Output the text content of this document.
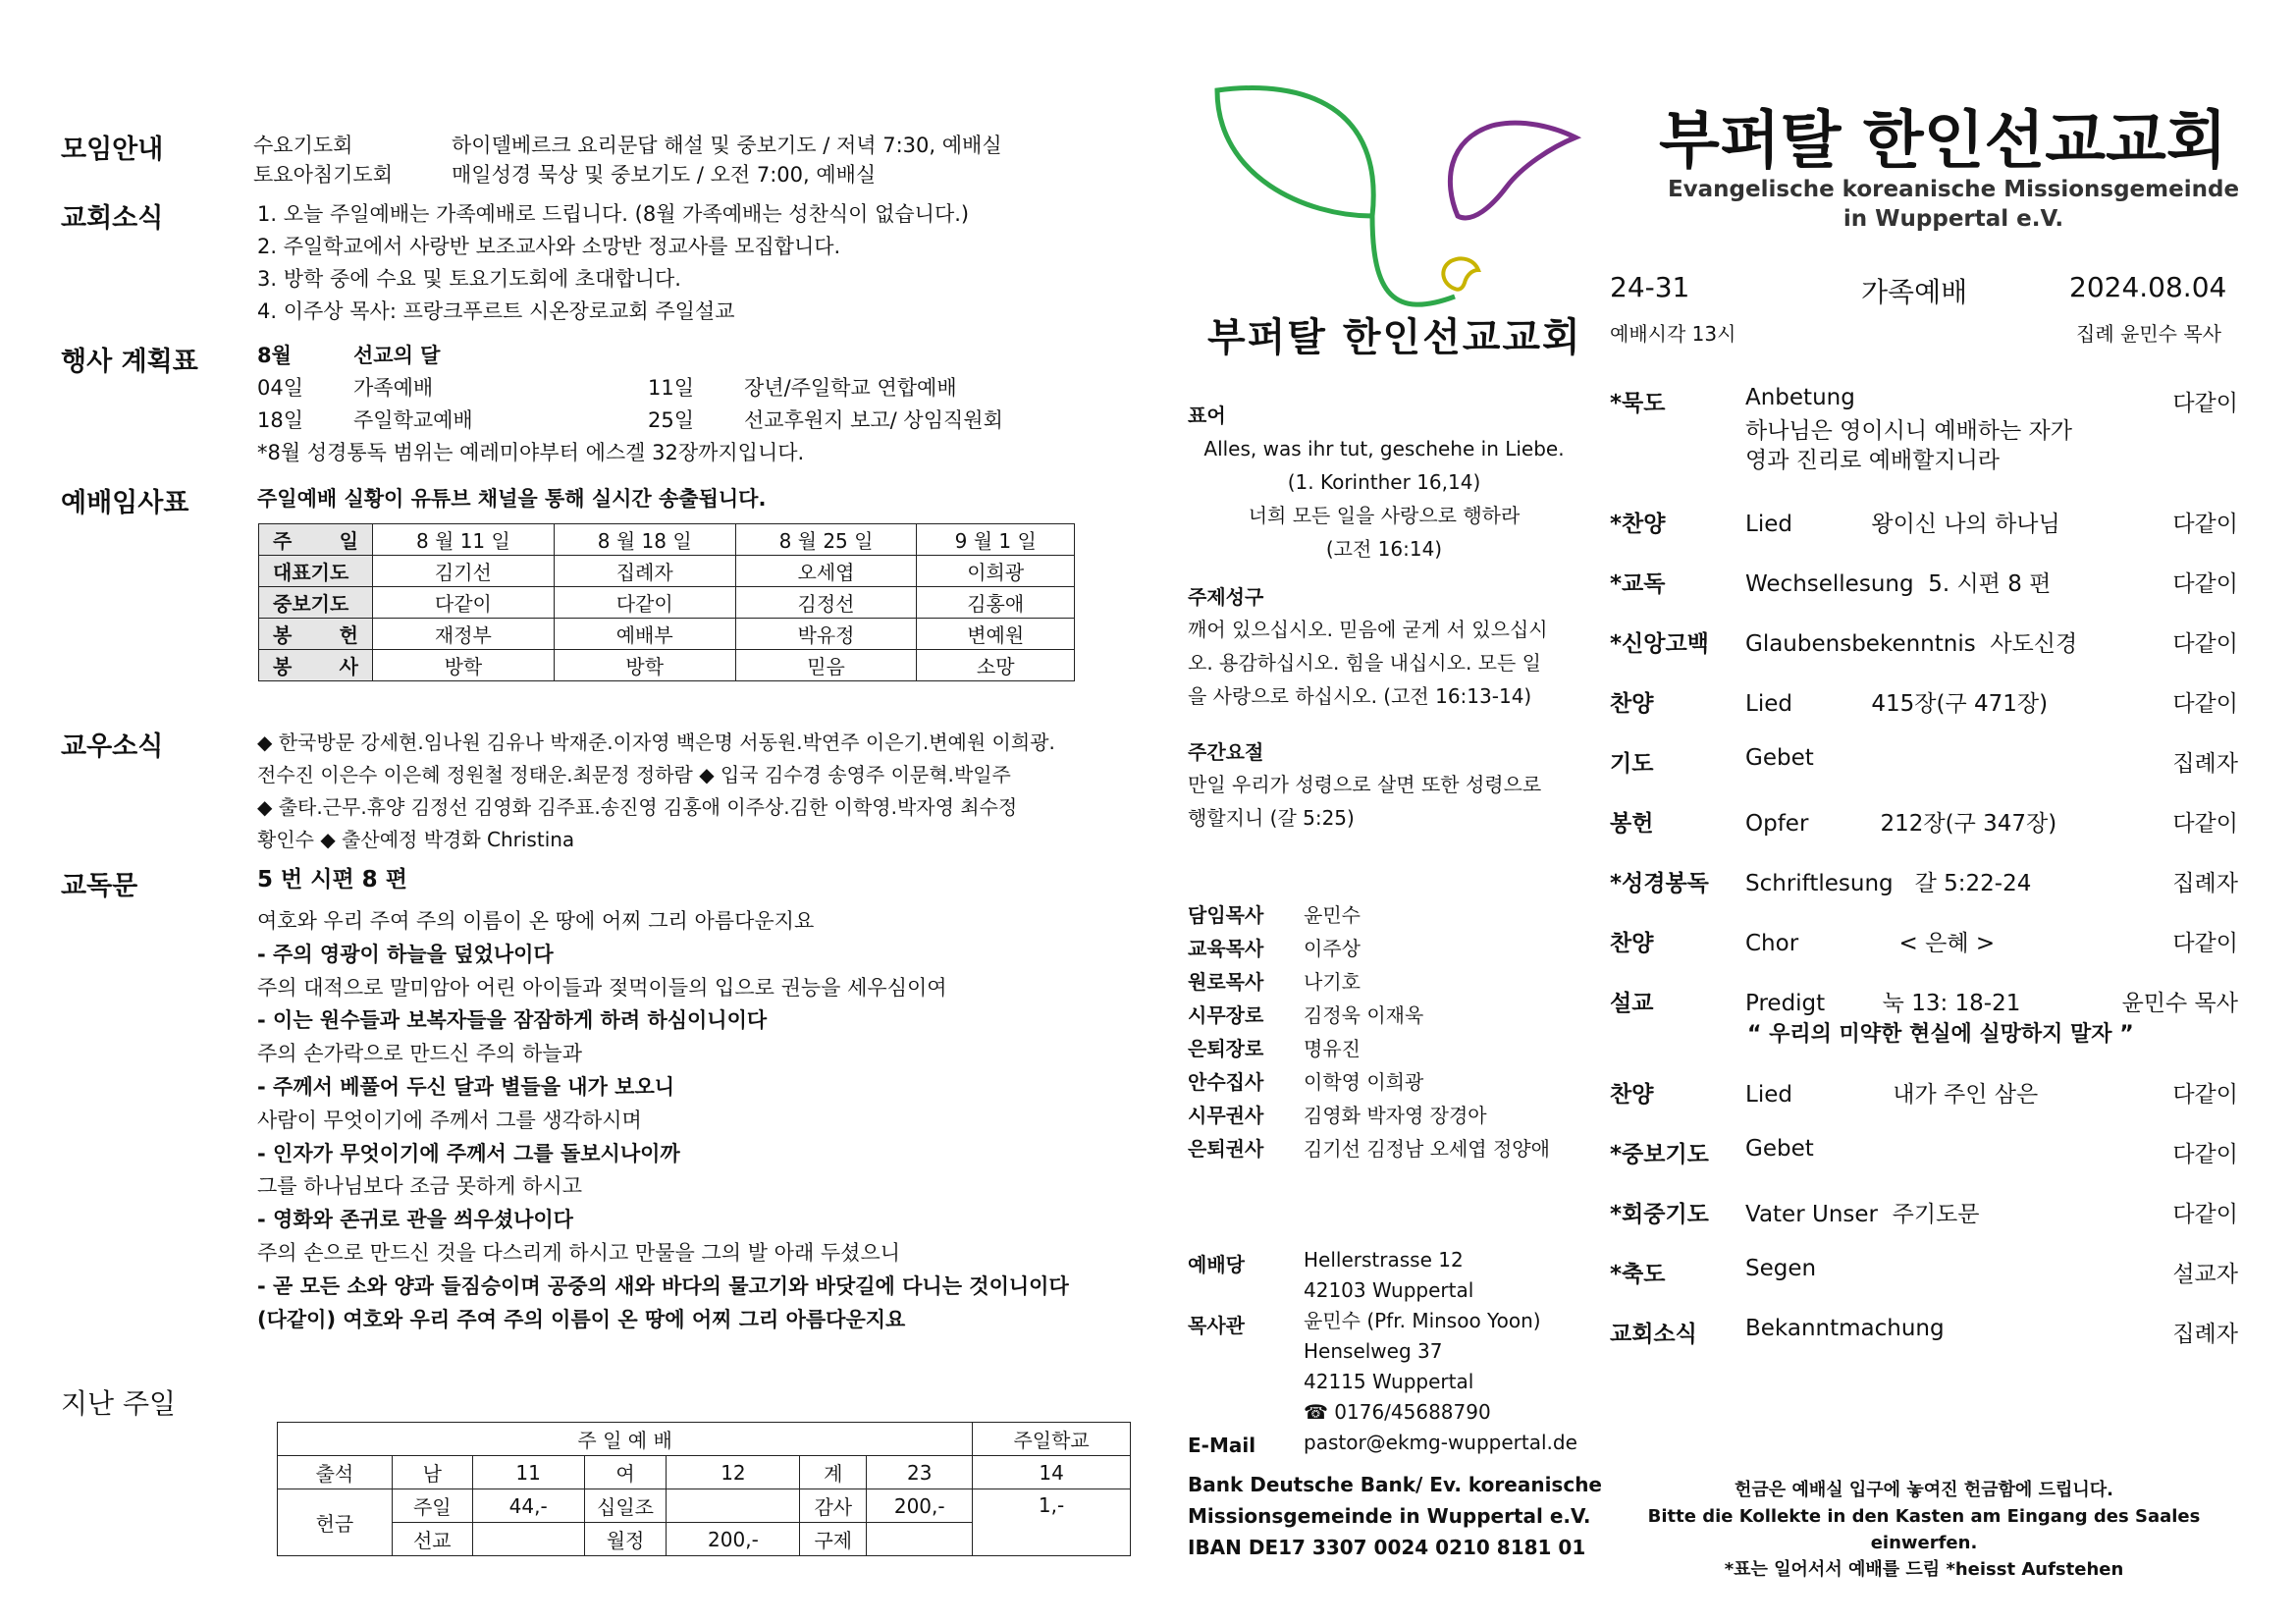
모임안내	수요기도회	하이델베르크 요리문답 해설 및 중보기도 / 저녁 7:30, 예배실
토요아침기도회	매일성경 묵상 및 중보기도 / 오전 7:00, 예배실
교회소식	1. 오늘 주일예배는 가족예배로 드립니다. (8월 가족예배는 성찬식이 없습니다.)
2. 주일학교에서 사랑반 보조교사와 소망반 정교사를 모집합니다.
3. 방학 중에 수요 및 토요기도회에 초대합니다.
4. 이주상 목사: 프랑크푸르트 시온장로교회 주일설교
행사 계획표	8월	선교의 달
04일 가족예배	11일 장년/주일학교 연합예배
18일 주일학교예배	25일 선교후원지 보고/ 상임직원회
*8월 성경통독 범위는 예레미야부터 에스겔 32장까지입니다.
예배임사표	주일예배 실황이 유튜브 채널을 통해 실시간 송출됩니다.
주 일	8 월 11 일	8 월 18 일	8 월 25 일	9 월 1 일
대표기도	김기선	집례자	오세엽	이희광
중보기도	다같이	다같이	김정선	김홍애
봉 헌	재정부	예배부	박유정	변예원
봉 사	방학	방학	믿음	소망
교우소식	◆ 한국방문 강세현.임나원 김유나 박재준.이자영 백은명 서동원.박연주 이은기.변예원 이희광.
전수진 이은수 이은혜 정원철 정태운.최문정 정하람 ◆ 입국 김수경 송영주 이문혁.박일주
◆ 출타.근무.휴양 김정선 김영화 김주표.송진영 김홍애 이주상.김한 이학영.박자영 최수정
황인수 ◆ 출산예정 박경화 Christina
교독문	5 번 시편 8 편
여호와 우리 주여 주의 이름이 온 땅에 어찌 그리 아름다운지요
- 주의 영광이 하늘을 덮었나이다
주의 대적으로 말미암아 어린 아이들과 젖먹이들의 입으로 권능을 세우심이여
- 이는 원수들과 보복자들을 잠잠하게 하려 하심이니이다
주의 손가락으로 만드신 주의 하늘과
- 주께서 베풀어 두신 달과 별들을 내가 보오니
사람이 무엇이기에 주께서 그를 생각하시며
- 인자가 무엇이기에 주께서 그를 돌보시나이까
그를 하나님보다 조금 못하게 하시고
- 영화와 존귀로 관을 씌우셨나이다
주의 손으로 만드신 것을 다스리게 하시고 만물을 그의 발 아래 두셨으니
- 곧 모든 소와 양과 들짐승이며 공중의 새와 바다의 물고기와 바닷길에 다니는 것이니이다
(다같이) 여호와 우리 주여 주의 이름이 온 땅에 어찌 그리 아름다운지요
지난 주일
주 일 예 배							주일학교
출석	남	11	여	12	계	23	14
헌금	주일	44,-	십일조		감사	200,-	1,-
	선교		월정	200,-	구제		
부퍼탈 한인선교교회
표어
Alles, was ihr tut, geschehe in Liebe.
(1. Korinther 16,14)
너희 모든 일을 사랑으로 행하라
(고전 16:14)
주제성구
깨어 있으십시오. 믿음에 굳게 서 있으십시
오. 용감하십시오. 힘을 내십시오. 모든 일
을 사랑으로 하십시오. (고전 16:13-14)
주간요절
만일 우리가 성령으로 살면 또한 성령으로
행할지니 (갈 5:25)
담임목사 윤민수
교육목사 이주상
원로목사 나기호
시무장로 김정욱 이재욱
은퇴장로 명유진
안수집사 이학영 이희광
시무권사 김영화 박자영 장경아
은퇴권사 김기선 김정남 오세엽 정양애
예배당	Hellerstrasse 12
42103 Wuppertal
목사관	윤민수 (Pfr. Minsoo Yoon)
Henselweg 37
42115 Wuppertal
☎ 0176/45688790
E-Mail pastor@ekmg-wuppertal.de
Bank Deutsche Bank/ Ev. koreanische
Missionsgemeinde in Wuppertal e.V.
IBAN DE17 3307 0024 0210 8181 01
부퍼탈 한인선교교회
Evangelische koreanische Missionsgemeinde
in Wuppertal e.V.
24-31	가족예배	2024.08.04
예배시각 13시	집례 윤민수 목사
*묵도	Anbetung	다같이
하나님은 영이시니 예배하는 자가
영과 진리로 예배할지니라
*찬양	Lied           왕이신 나의 하나님	다같이
*교독	Wechsellesung  5. 시편 8 편	다같이
*신앙고백 Glaubensbekenntnis  사도신경	다같이
찬양	Lied           415장(구 471장)	다같이
기도	Gebet	집례자
봉헌	Opfer          212장(구 347장)	다같이
*성경봉독 Schriftlesung   갈 5:22-24	집례자
찬양	Chor              < 은혜 >	다같이
설교	Predigt        눅 13: 18-21	윤민수 목사
“ 우리의 미약한 현실에 실망하지 말자 ”
찬양	Lied              내가 주인 삼은	다같이
*중보기도 Gebet	다같이
*회중기도 Vater Unser  주기도문	다같이
*축도	Segen	설교자
교회소식 Bekanntmachung	집례자
헌금은 예배실 입구에 놓여진 헌금함에 드립니다.
Bitte die Kollekte in den Kasten am Eingang des Saales einwerfen.
*표는 일어서서 예배를 드림 *heisst Aufstehen
